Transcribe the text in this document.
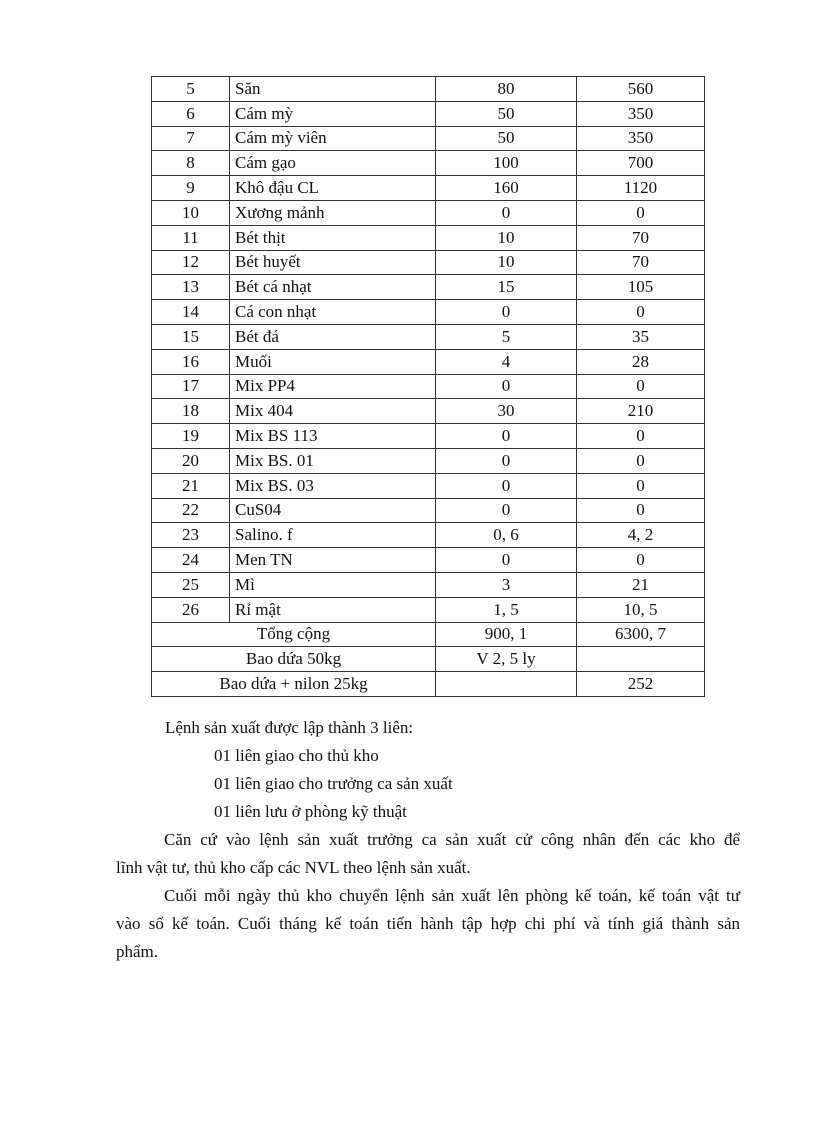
5	Săn	80	560
6	Cám mỳ	50	350
7	Cám mỳ viên	50	350
8	Cám gạo	100	700
9	Khô đậu CL	160	1120
10	Xương mảnh	0	0
11	Bét thịt	10	70
12	Bét huyết	10	70
13	Bét cá nhạt	15	105
14	Cá con nhạt	0	0
15	Bét đá	5	35
16	Muối	4	28
17	Mix PP4	0	0
18	Mix 404	30	210
19	Mix BS 113	0	0
20	Mix BS. 01	0	0
21	Mix BS. 03	0	0
22	CuS04	0	0
23	Salino. f	0, 6	4, 2
24	Men TN	0	0
25	Mì	3	21
26	Rỉ mật	1, 5	10, 5
Tổng cộng		900, 1	6300, 7
Bao dứa 50kg		V 2, 5 ly	
Bao dứa + nilon 25kg			252
Lệnh sản xuất được lập thành 3 liên:
01 liên giao cho thủ kho
01 liên giao cho trưởng ca sản xuất
01 liên lưu ở phòng kỹ thuật
Căn cứ vào lệnh sản xuất trưởng ca sản xuất cử công nhân đến các kho để
lĩnh vật tư, thủ kho cấp các NVL theo lệnh sản xuất.
Cuối mỗi ngày thủ kho chuyển lệnh sản xuất lên phòng kế toán, kế toán vật tư
vào sổ kế toán. Cuối tháng kế toán tiến hành tập hợp chi phí và tính giá thành sản
phẩm.
